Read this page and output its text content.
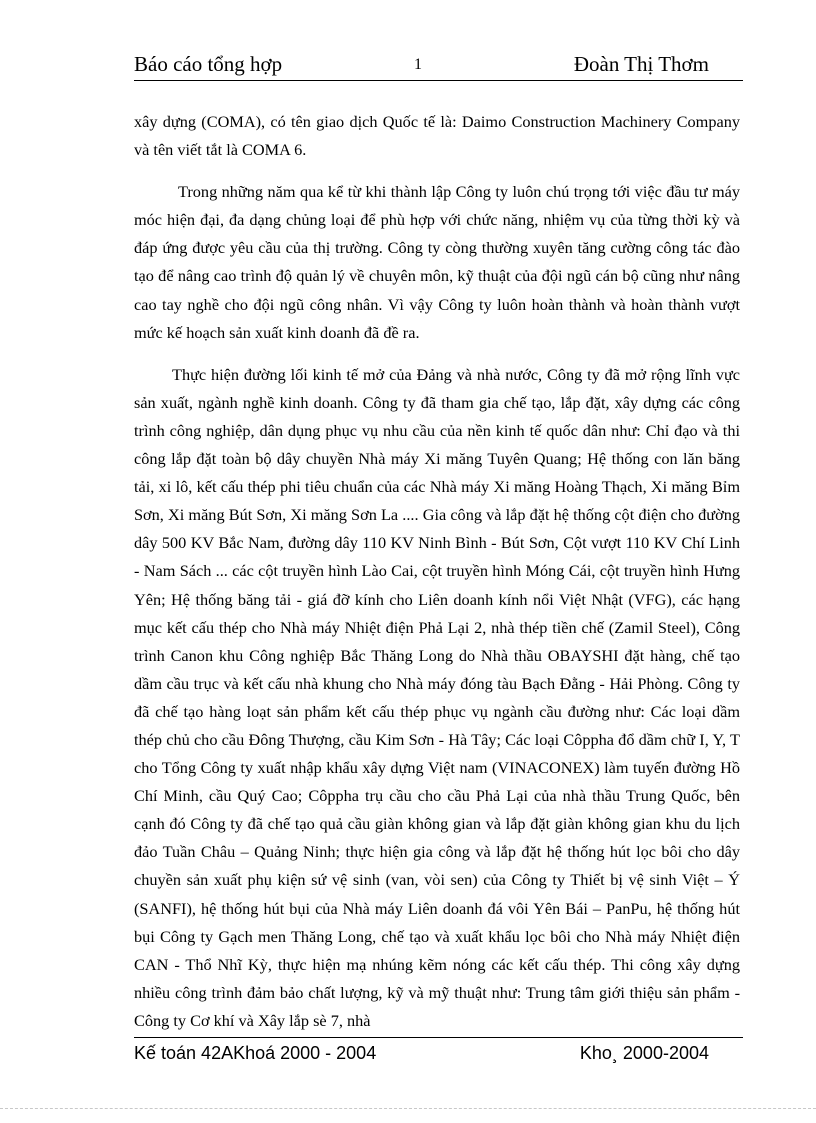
Báo cáo tổng hợp	1	Đoàn Thị Thơm

xây dựng (COMA), có tên giao dịch Quốc tế là: Daimo Construction Machinery Company và tên viết tắt là COMA 6.

Trong những năm qua kể từ khi thành lập Công ty luôn chú trọng tới việc đầu tư máy móc hiện đại, đa dạng chủng loại để phù hợp với chức năng, nhiệm vụ của từng thời kỳ và đáp ứng được yêu cầu của thị trường. Công ty còng thường xuyên tăng cường công tác đào tạo để nâng cao trình độ quản lý về chuyên môn, kỹ thuật của đội ngũ cán bộ cũng như nâng cao tay nghề cho đội ngũ công nhân. Vì vậy Công ty luôn hoàn thành và hoàn thành vượt mức kế hoạch sản xuất kinh doanh đã đề ra.

Thực hiện đường lối kinh tế mở của Đảng và nhà nước, Công ty đã mở rộng lĩnh vực sản xuất, ngành nghề kinh doanh. Công ty đã tham gia chế tạo, lắp đặt, xây dựng các công trình công nghiệp, dân dụng phục vụ nhu cầu của nền kinh tế quốc dân như: Chỉ đạo và thi công lắp đặt toàn bộ dây chuyền Nhà máy Xi măng Tuyên Quang; Hệ thống con lăn băng tải, xi lô, kết cấu thép phi tiêu chuẩn của các Nhà máy Xi măng Hoàng Thạch, Xi măng Bỉm Sơn, Xi măng Bút Sơn, Xi măng Sơn La .... Gia công và lắp đặt hệ thống cột điện cho đường dây 500 KV Bắc Nam, đường dây 110 KV Ninh Bình - Bút Sơn, Cột vượt 110 KV Chí Linh - Nam Sách ... các cột truyền hình Lào Cai, cột truyền hình Móng Cái, cột truyền hình Hưng Yên; Hệ thống băng tải - giá đỡ kính cho Liên doanh kính nổi Việt Nhật (VFG), các hạng mục kết cấu thép cho Nhà máy Nhiệt điện Phả Lại 2, nhà thép tiền chế (Zamil Steel), Công trình Canon khu Công nghiệp Bắc Thăng Long do Nhà thầu OBAYSHI đặt hàng, chế tạo dầm cầu trục và kết cấu nhà khung cho Nhà máy đóng tàu Bạch Đằng - Hải Phòng. Công ty đã chế tạo hàng loạt sản phẩm kết cấu thép phục vụ ngành cầu đường như: Các loại dầm thép chủ cho cầu Đông Thượng, cầu Kim Sơn - Hà Tây; Các loại Côppha đổ dầm chữ I, Y, T cho Tổng Công ty xuất nhập khẩu xây dựng Việt nam (VINACONEX) làm tuyến đường Hồ Chí Minh, cầu Quý Cao; Côppha trụ cầu cho cầu Phả Lại của nhà thầu Trung Quốc, bên cạnh đó Công ty đã chế tạo quả cầu giàn không gian và lắp đặt giàn không gian khu du lịch đảo Tuần Châu – Quảng Ninh; thực hiện gia công và lắp đặt hệ thống hút lọc bôi cho dây chuyền sản xuất phụ kiện sứ vệ sinh (van, vòi sen) của Công ty Thiết bị vệ sinh Việt – Ý (SANFI), hệ thống hút bụi của Nhà máy Liên doanh đá vôi Yên Bái – PanPu, hệ thống hút bụi Công ty Gạch men Thăng Long, chế tạo và xuất khẩu lọc bôi cho Nhà máy Nhiệt điện CAN - Thổ Nhĩ Kỳ, thực hiện mạ nhúng kẽm nóng các kết cấu thép. Thi công xây dựng nhiều công trình đảm bảo chất lượng, kỹ và mỹ thuật như: Trung tâm giới thiệu sản phẩm - Công ty Cơ khí và Xây lắp sè 7, nhà

Kế toán 42AKhoá 2000 - 2004	Kho¸ 2000-2004
